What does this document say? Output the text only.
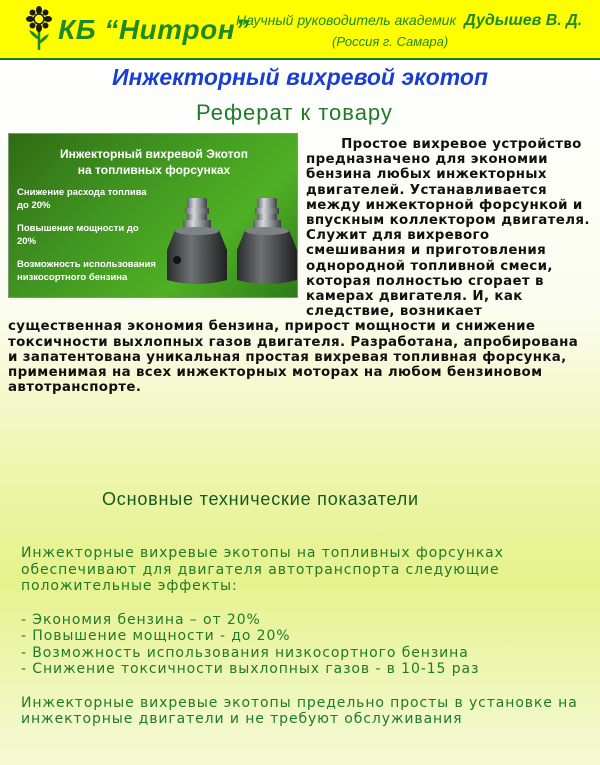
КБ “Нитрон”
Научный руководитель академик Дудышев В. Д.
(Россия г. Самара)
Инжекторный вихревой экотоп
Реферат к товару
Инжекторный вихревой Экотоп
на топливных форсунках
Снижение расхода топлива до 20%
Повышение мощности до 20%
Возможность использования низкосортного бензина
Простое вихревое устройство предназначено для экономии бензина любых инжекторных двигателей. Устанавливается между инжекторной форсункой и впускным коллектором двигателя. Служит для вихревого смешивания и приготовления однородной топливной смеси, которая полностью сгорает в камерах двигателя. И, как следствие, возникает существенная экономия бензина, прирост мощности и снижение токсичности выхлопных газов двигателя. Разработана, апробирована и запатентована уникальная простая вихревая топливная форсунка, применимая на всех инжекторных моторах на любом бензиновом автотранспорте.
Основные технические показатели

Инжекторные вихревые экотопы на топливных форсунках обеспечивают для двигателя автотранспорта следующие положительные эффекты:

- Экономия бензина – от 20%
- Повышение мощности - до 20%
- Возможность использования низкосортного бензина
- Снижение токсичности выхлопных газов - в 10-15 раз

Инжекторные вихревые экотопы предельно просты в установке на инжекторные двигатели и не требуют обслуживания
